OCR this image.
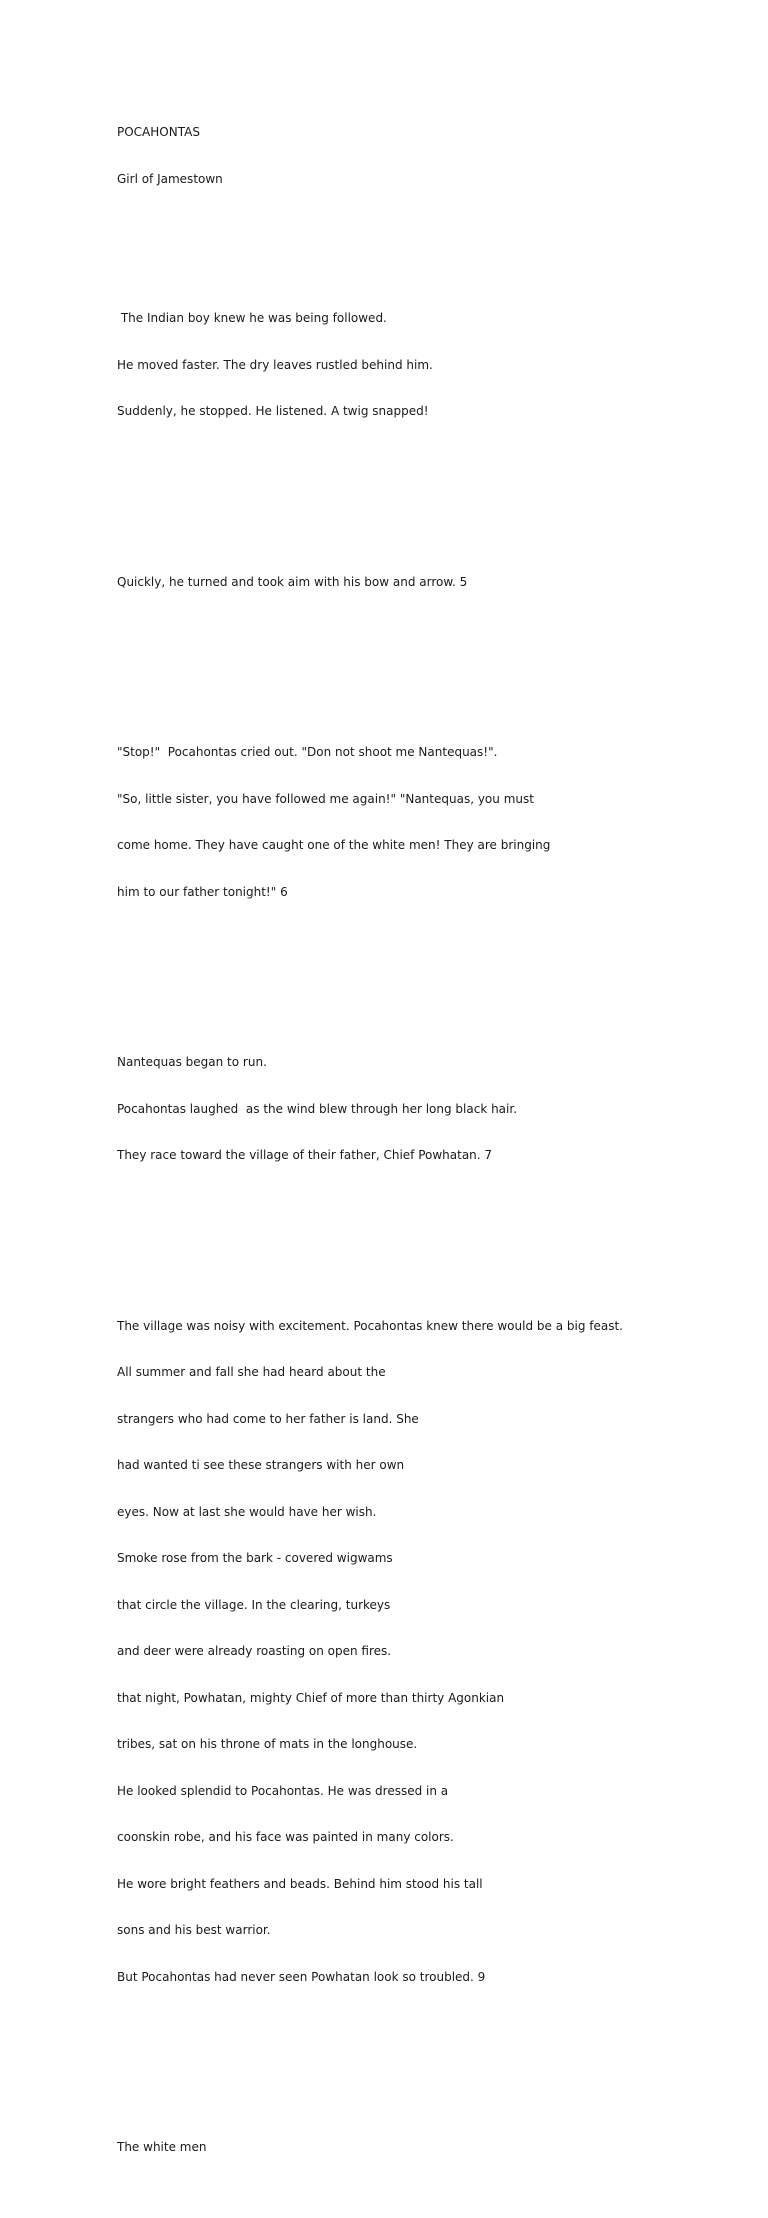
POCAHONTAS

Girl of Jamestown

The Indian boy knew he was being followed.

He moved faster. The dry leaves rustled behind him.

Suddenly, he stopped. He listened. A twig snapped!

Quickly, he turned and took aim with his bow and arrow. 5

"Stop!"  Pocahontas cried out. "Don not shoot me Nantequas!".

"So, little sister, you have followed me again!" "Nantequas, you must

come home. They have caught one of the white men! They are bringing

him to our father tonight!" 6

Nantequas began to run.

Pocahontas laughed  as the wind blew through her long black hair.

They race toward the village of their father, Chief Powhatan. 7

The village was noisy with excitement. Pocahontas knew there would be a big feast.

All summer and fall she had heard about the

strangers who had come to her father is land. She

had wanted ti see these strangers with her own

eyes. Now at last she would have her wish.

Smoke rose from the bark - covered wigwams

that circle the village. In the clearing, turkeys

and deer were already roasting on open fires.

that night, Powhatan, mighty Chief of more than thirty Agonkian

tribes, sat on his throne of mats in the longhouse.

He looked splendid to Pocahontas. He was dressed in a

coonskin robe, and his face was painted in many colors.

He wore bright feathers and beads. Behind him stood his tall

sons and his best warrior.

But Pocahontas had never seen Powhatan look so troubled. 9

The white men
